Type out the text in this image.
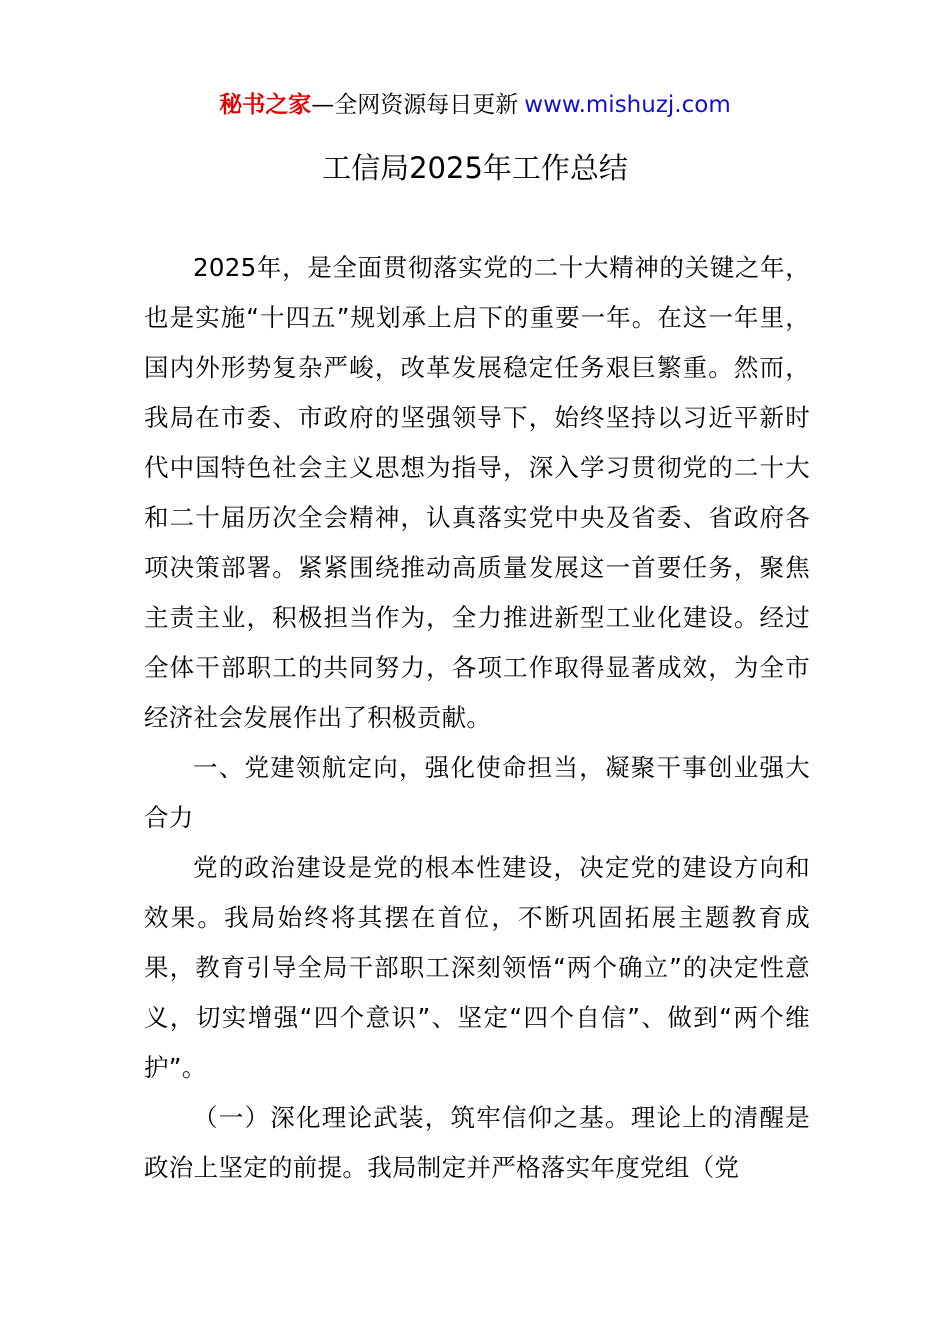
秘书之家—全网资源每日更新 www.mishuzj.com
工信局2025年工作总结

2025年，是全面贯彻落实党的二十大精神的关键之年，也是实施“十四五”规划承上启下的重要一年。在这一年里，国内外形势复杂严峻，改革发展稳定任务艰巨繁重。然而，我局在市委、市政府的坚强领导下，始终坚持以习近平新时代中国特色社会主义思想为指导，深入学习贯彻党的二十大和二十届历次全会精神，认真落实党中央及省委、省政府各项决策部署。紧紧围绕推动高质量发展这一首要任务，聚焦主责主业，积极担当作为，全力推进新型工业化建设。经过全体干部职工的共同努力，各项工作取得显著成效，为全市经济社会发展作出了积极贡献。

一、党建领航定向，强化使命担当，凝聚干事创业强大合力

党的政治建设是党的根本性建设，决定党的建设方向和效果。我局始终将其摆在首位，不断巩固拓展主题教育成果，教育引导全局干部职工深刻领悟“两个确立”的决定性意义，切实增强“四个意识”、坚定“四个自信”、做到“两个维护”。

（一）深化理论武装，筑牢信仰之基。理论上的清醒是政治上坚定的前提。我局制定并严格落实年度党组（党
